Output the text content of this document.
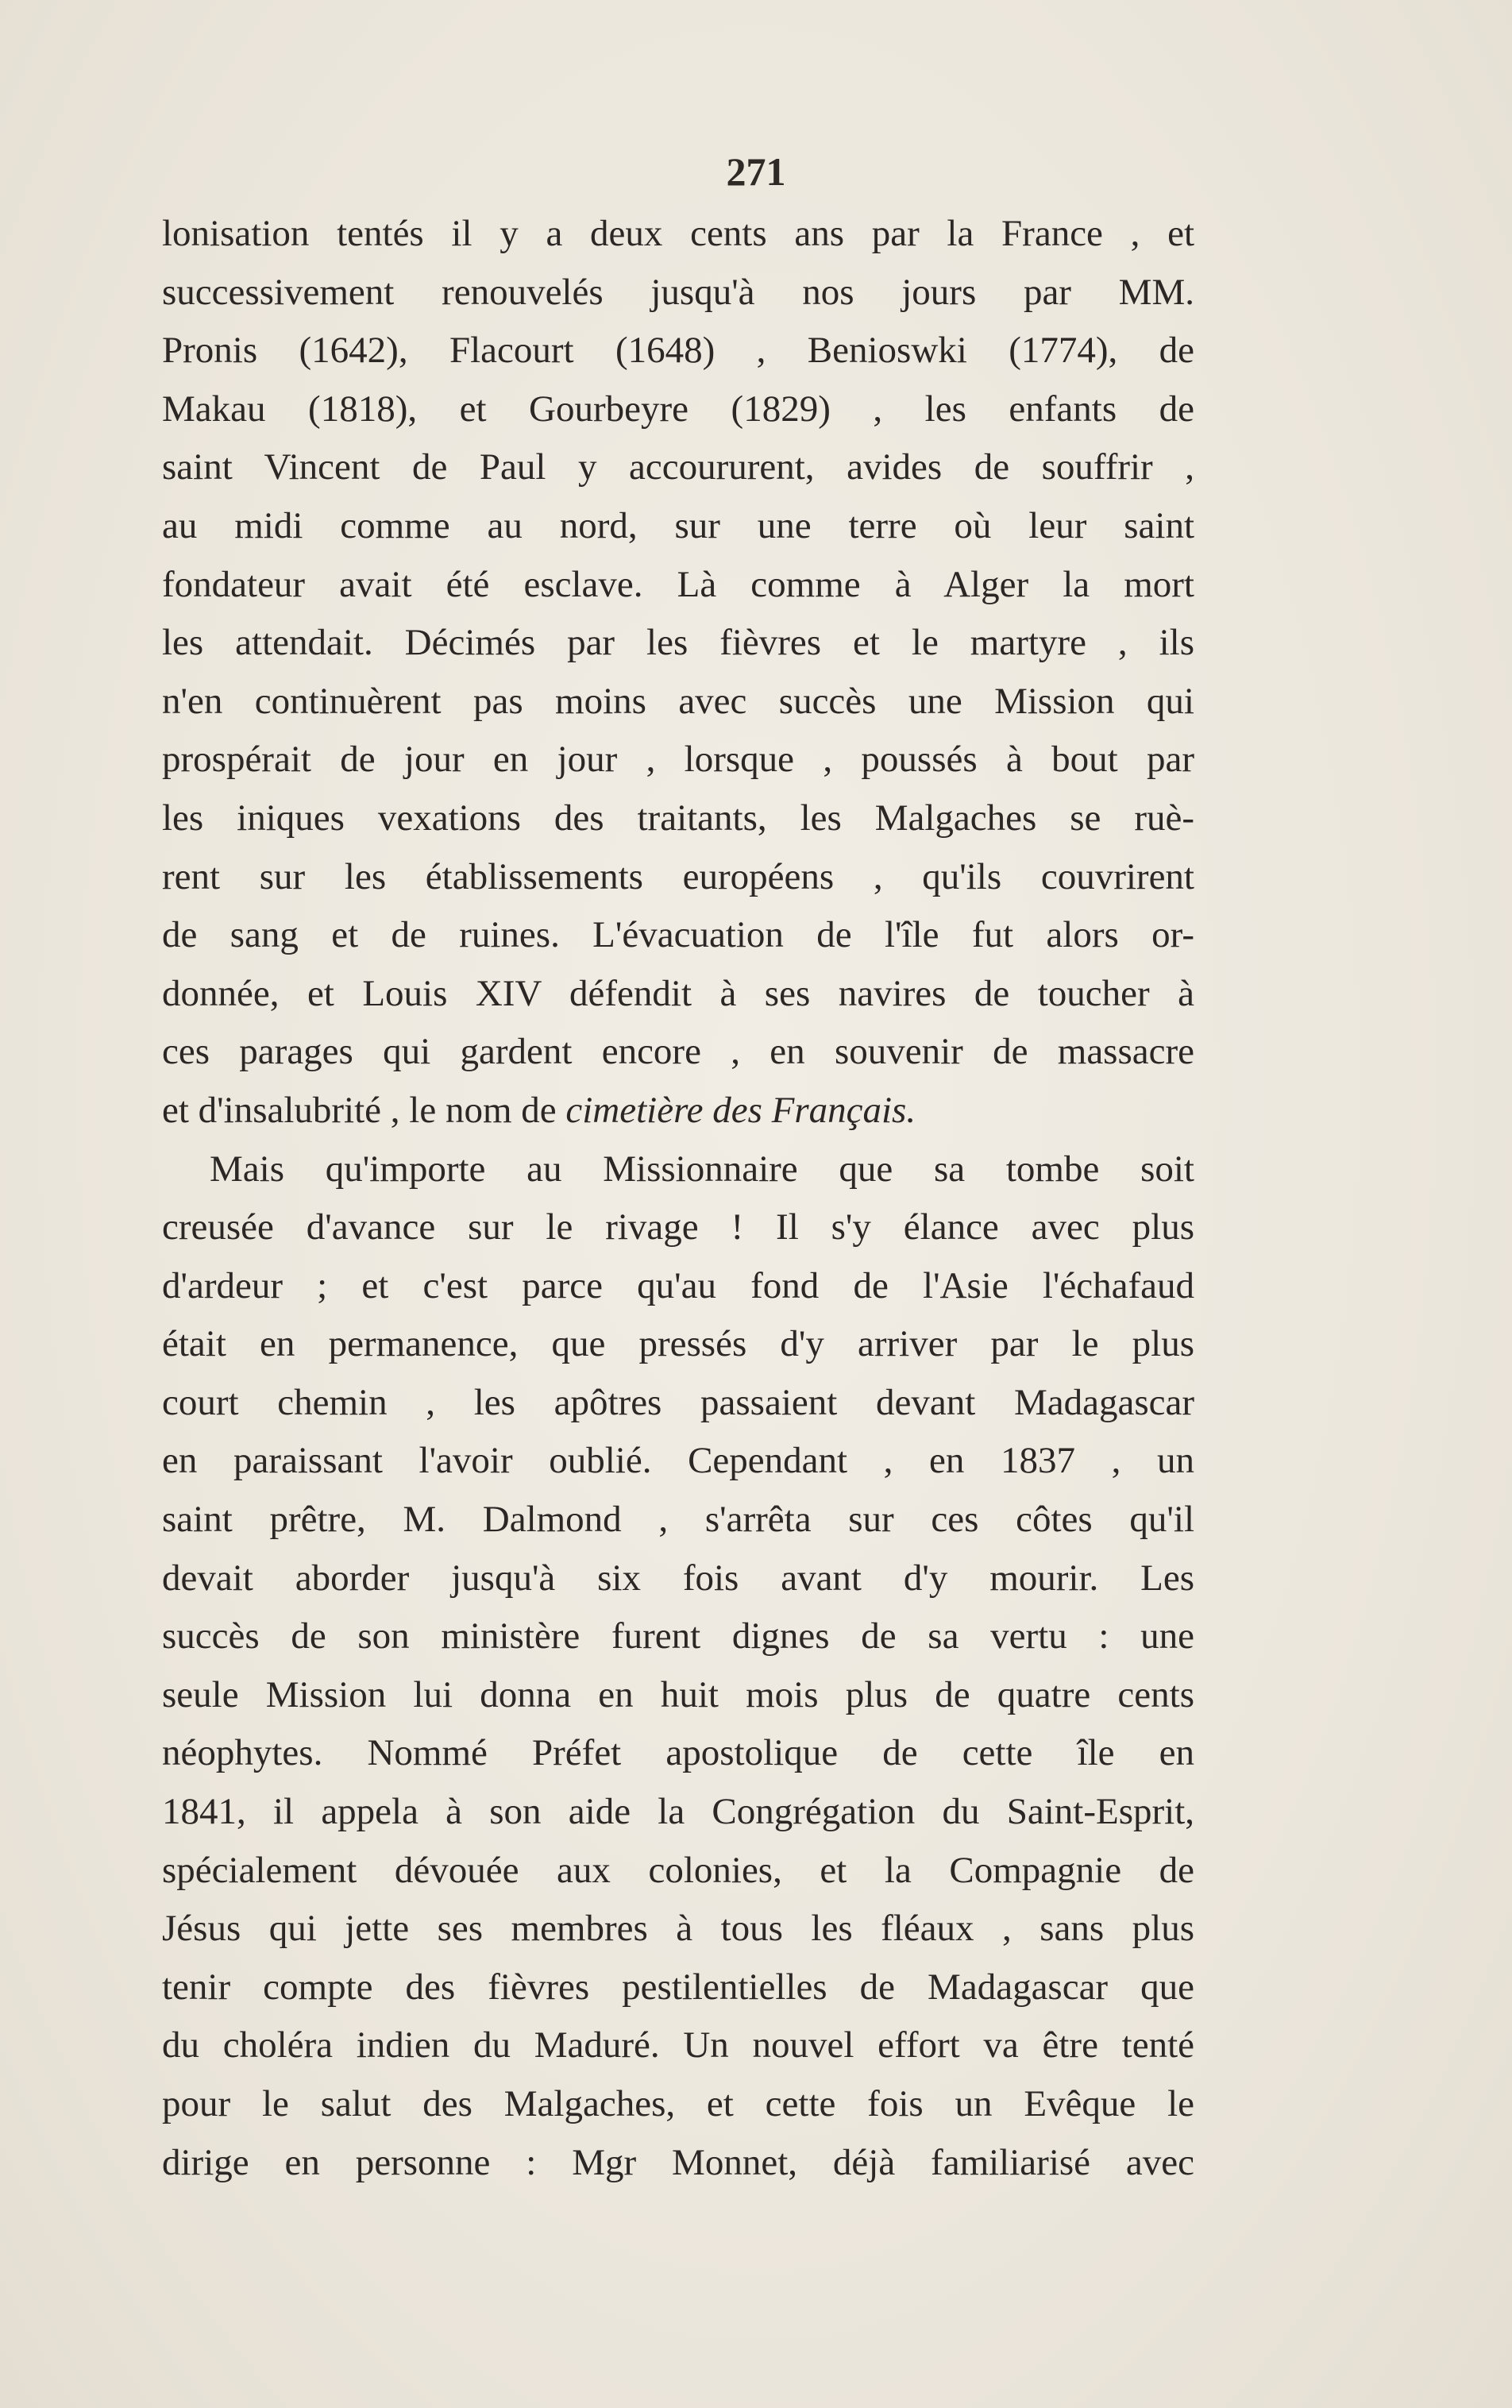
271
lonisation tentés il y a deux cents ans par la France , et
successivement renouvelés jusqu'à nos jours par MM.
Pronis (1642), Flacourt (1648) , Benioswki (1774), de
Makau (1818), et Gourbeyre (1829) , les enfants de
saint Vincent de Paul y accoururent, avides de souffrir ,
au midi comme au nord, sur une terre où leur saint
fondateur avait été esclave. Là comme à Alger la mort
les attendait. Décimés par les fièvres et le martyre , ils
n'en continuèrent pas moins avec succès une Mission qui
prospérait de jour en jour , lorsque , poussés à bout par
les iniques vexations des traitants, les Malgaches se ruè-
rent sur les établissements européens , qu'ils couvrirent
de sang et de ruines. L'évacuation de l'île fut alors or-
donnée, et Louis XIV défendit à ses navires de toucher à
ces parages qui gardent encore , en souvenir de massacre
et d'insalubrité , le nom de cimetière des Français.
Mais qu'importe au Missionnaire que sa tombe soit
creusée d'avance sur le rivage ! Il s'y élance avec plus
d'ardeur ; et c'est parce qu'au fond de l'Asie l'échafaud
était en permanence, que pressés d'y arriver par le plus
court chemin , les apôtres passaient devant Madagascar
en paraissant l'avoir oublié. Cependant , en 1837 , un
saint prêtre, M. Dalmond , s'arrêta sur ces côtes qu'il
devait aborder jusqu'à six fois avant d'y mourir. Les
succès de son ministère furent dignes de sa vertu : une
seule Mission lui donna en huit mois plus de quatre cents
néophytes. Nommé Préfet apostolique de cette île en
1841, il appela à son aide la Congrégation du Saint-Esprit,
spécialement dévouée aux colonies, et la Compagnie de
Jésus qui jette ses membres à tous les fléaux , sans plus
tenir compte des fièvres pestilentielles de Madagascar que
du choléra indien du Maduré. Un nouvel effort va être tenté
pour le salut des Malgaches, et cette fois un Evêque le
dirige en personne : Mgr Monnet, déjà familiarisé avec
